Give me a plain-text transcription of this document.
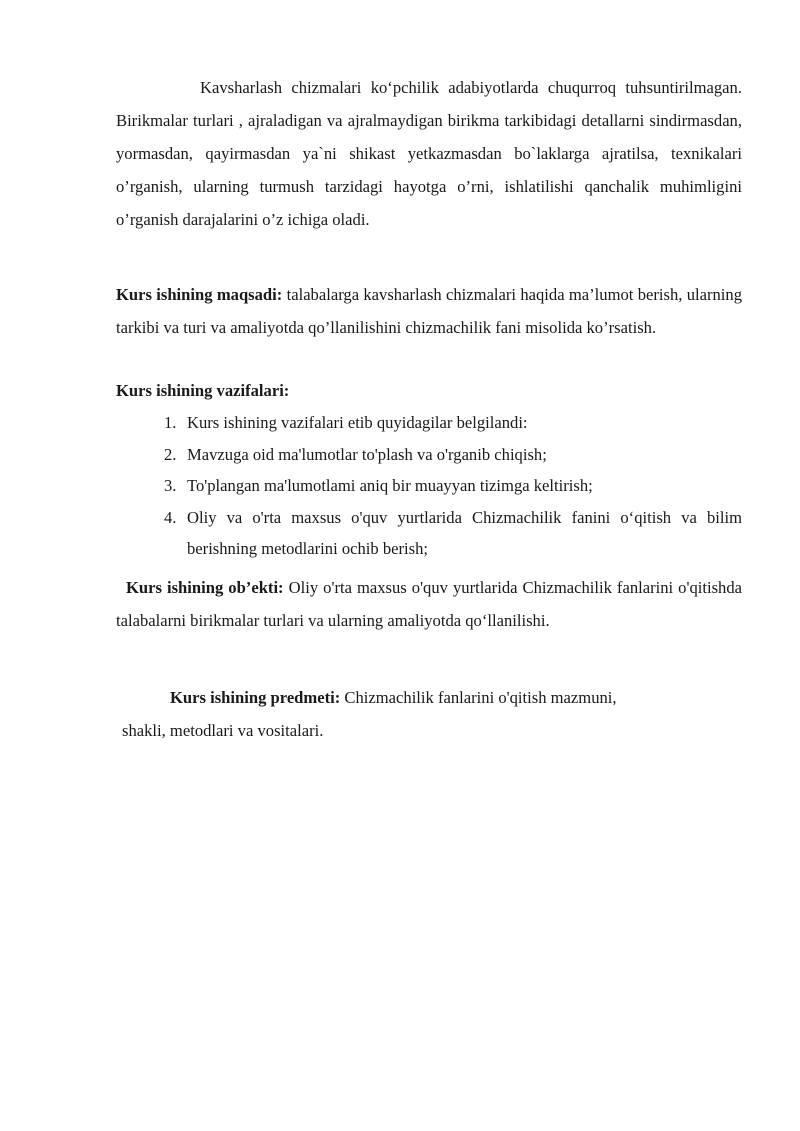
Kavsharlash chizmalari ko‘pchilik adabiyotlarda chuqurroq tuhsuntirilmagan. Birikmalar turlari , ajraladigan va ajralmaydigan birikma tarkibidagi detallarni sindirmasdan, yormasdan, qayirmasdan ya`ni shikast yetkazmasdan bo`laklarga ajratilsa, texnikalari o’rganish, ularning turmush tarzidagi hayotga o’rni, ishlatilishi qanchalik muhimligini o’rganish darajalarini o’z ichiga oladi.

Kurs ishining maqsadi: talabalarga kavsharlash chizmalari haqida ma’lumot berish, ularning tarkibi va turi va amaliyotda qo’llanilishini chizmachilik fani misolida ko’rsatish.

Kurs ishining vazifalari:

1. Kurs ishining vazifalari etib quyidagilar belgilandi:
2. Mavzuga oid ma'lumotlar to'plash va o'rganib chiqish;
3. To'plangan ma'lumotlami aniq bir muayyan tizimga keltirish;
4. Oliy va o'rta maxsus o'quv yurtlarida Chizmachilik fanini o‘qitish va bilim berishning metodlarini ochib berish;

Kurs ishining ob’ekti: Oliy o'rta maxsus o'quv yurtlarida Chizmachilik fanlarini o'qitishda talabalarni birikmalar turlari va ularning amaliyotda qo‘llanilishi.

Kurs ishining predmeti: Chizmachilik fanlarini o'qitish mazmuni,
shakli, metodlari va vositalari.
